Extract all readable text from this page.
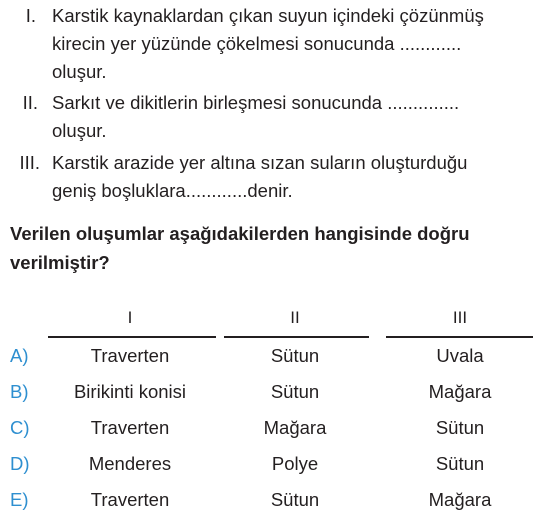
I. Karstik kaynaklardan çıkan suyun içindeki çözünmüş
kirecin yer yüzünde çökelmesi sonucunda ............
oluşur.
II. Sarkıt ve dikitlerin birleşmesi sonucunda ..............
oluşur.
III. Karstik arazide yer altına sızan suların oluşturduğu
geniş boşluklara............denir.
Verilen oluşumlar aşağıdakilerden hangisinde doğru
verilmiştir?
I	II	III
A)	Traverten	Sütun	Uvala
B)	Birikinti konisi	Sütun	Mağara
C)	Traverten	Mağara	Sütun
D)	Menderes	Polye	Sütun
E)	Traverten	Sütun	Mağara
